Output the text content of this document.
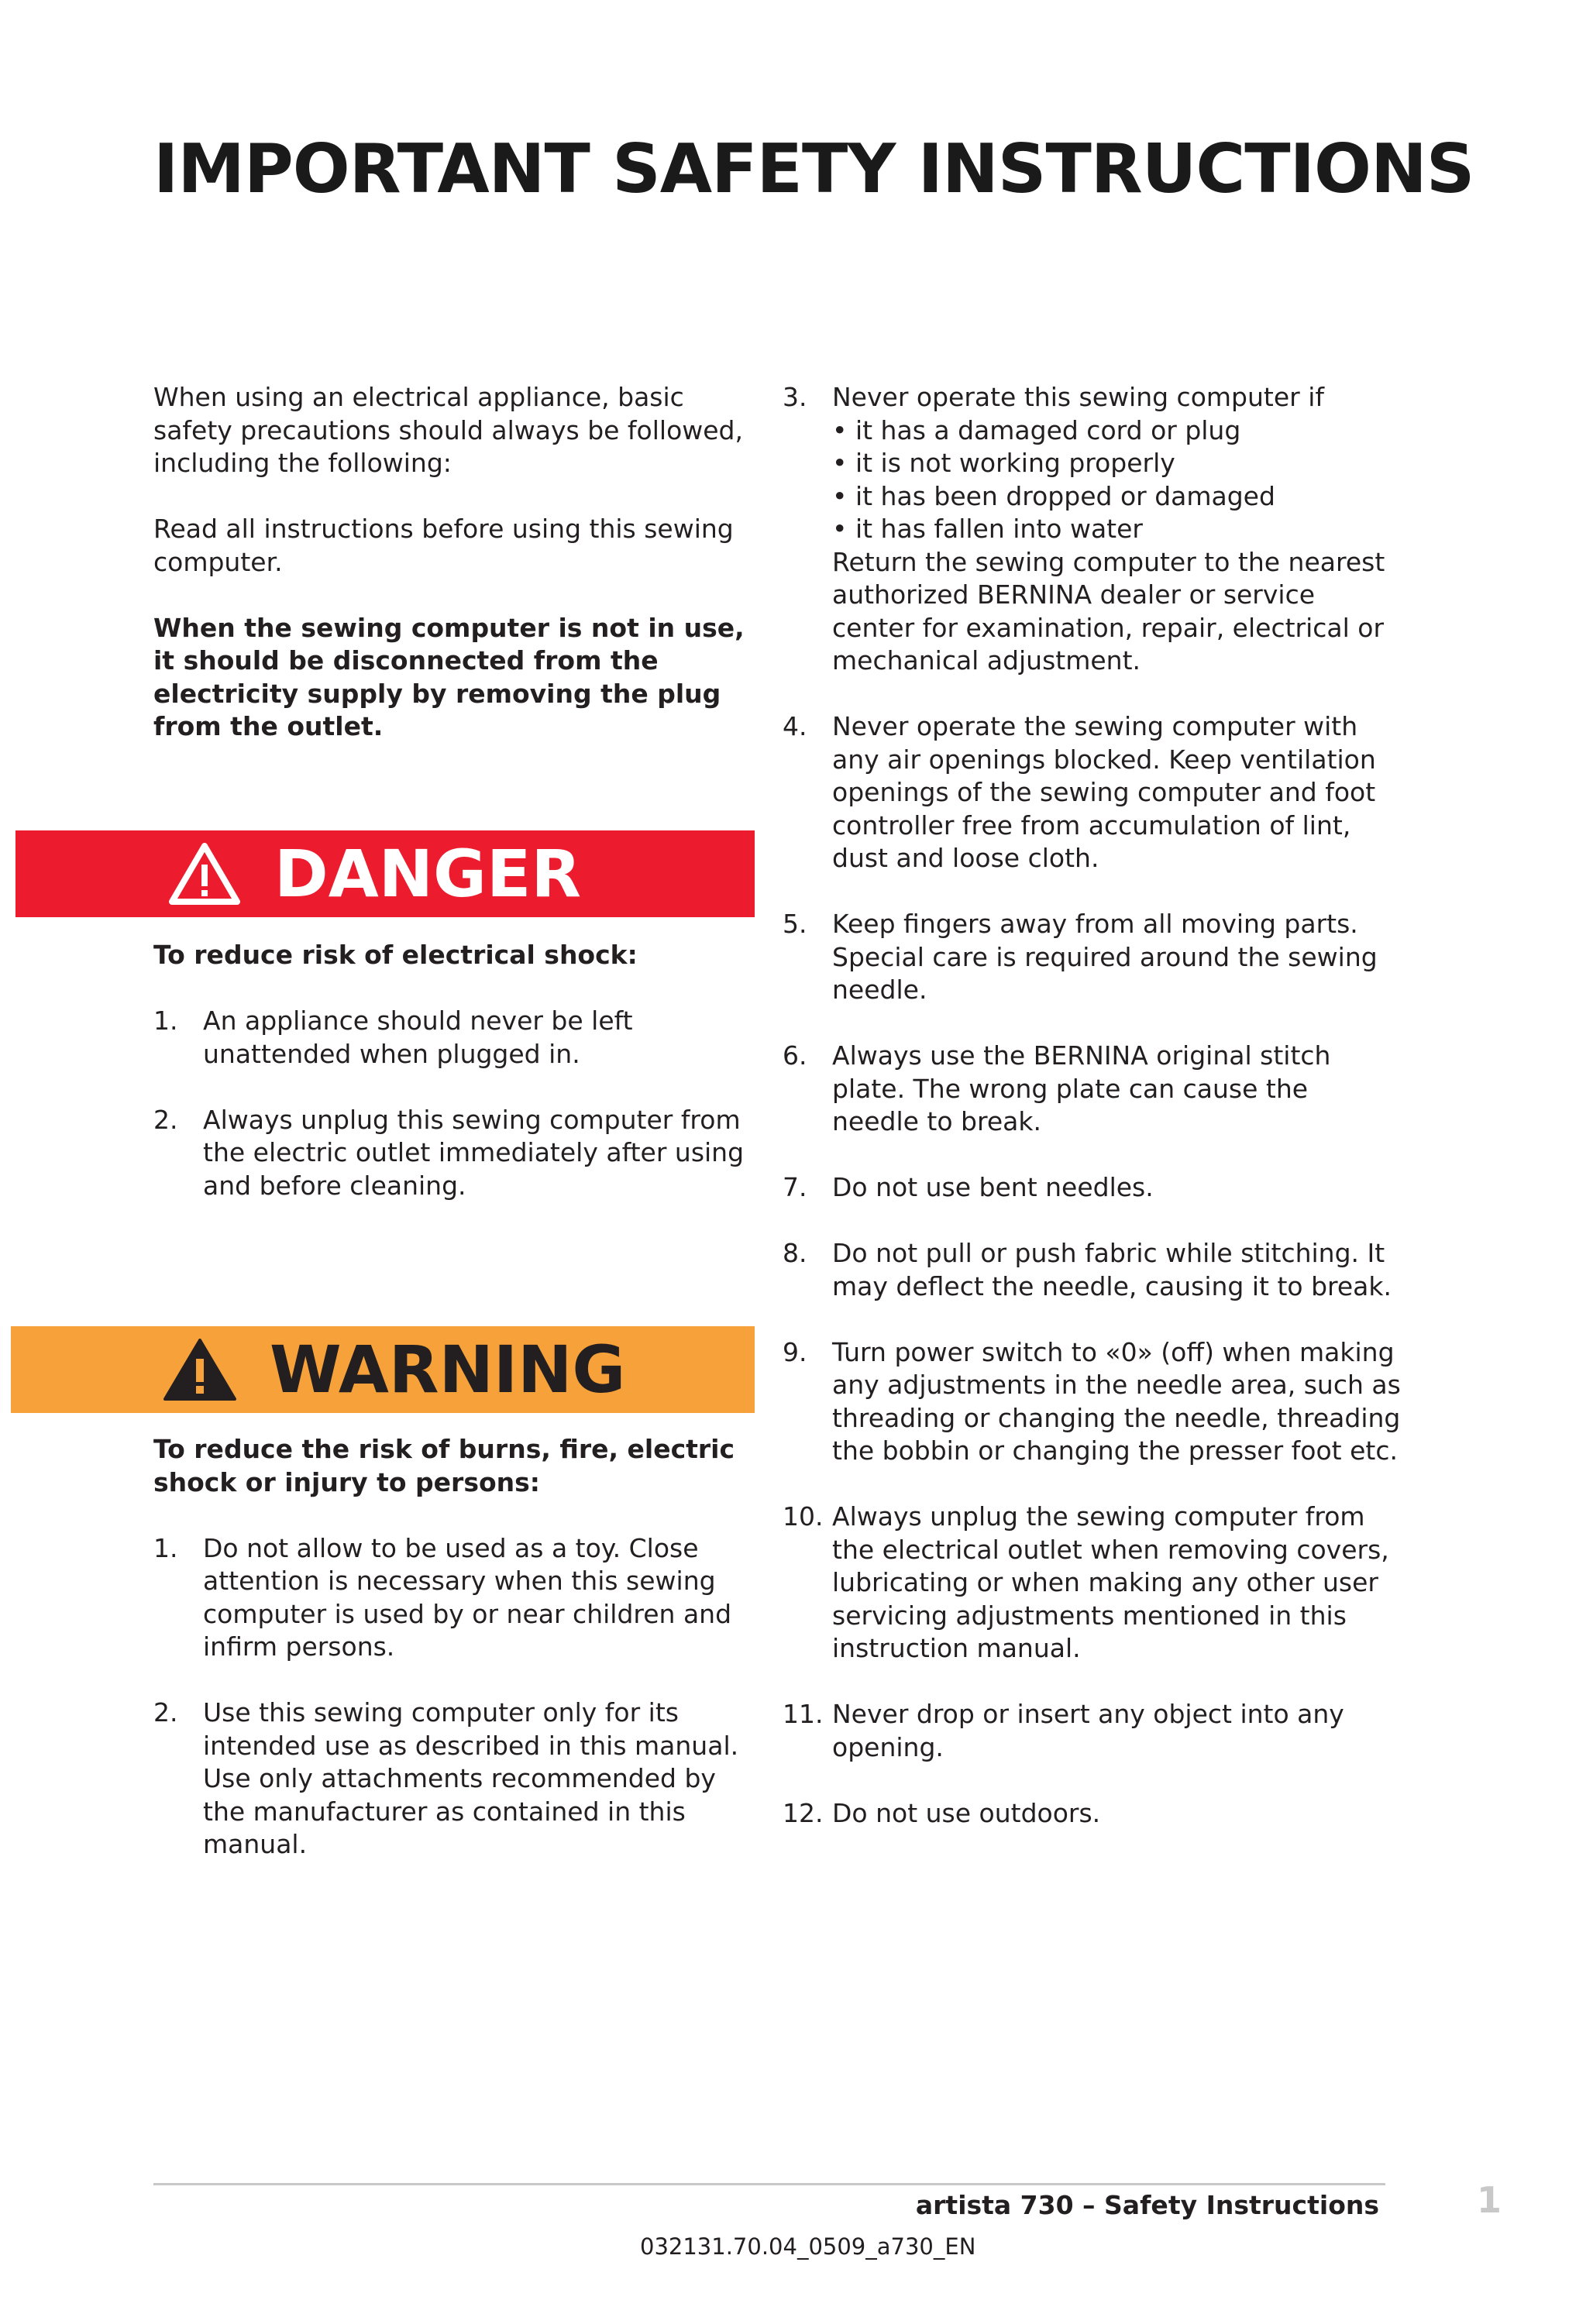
IMPORTANT SAFETY INSTRUCTIONS

When using an electrical appliance, basic safety precautions should always be followed, including the following:

Read all instructions before using this sewing computer.

When the sewing computer is not in use, it should be disconnected from the electricity supply by removing the plug from the outlet.

DANGER

To reduce risk of electrical shock:

1. An appliance should never be left unattended when plugged in.
2. Always unplug this sewing computer from the electric outlet immediately after using and before cleaning.
WARNING

To reduce the risk of burns, fire, electric shock or injury to persons:

1. Do not allow to be used as a toy. Close attention is necessary when this sewing computer is used by or near children and infirm persons.
2. Use this sewing computer only for its intended use as described in this manual. Use only attachments recommended by the manufacturer as contained in this manual.
3. Never operate this sewing computer if
• it has a damaged cord or plug
• it is not working properly
• it has been dropped or damaged
• it has fallen into water
Return the sewing computer to the nearest authorized BERNINA dealer or service center for examination, repair, electrical or mechanical adjustment.
4. Never operate the sewing computer with any air openings blocked. Keep ventilation openings of the sewing computer and foot controller free from accumulation of lint, dust and loose cloth.
5. Keep fingers away from all moving parts. Special care is required around the sewing needle.
6. Always use the BERNINA original stitch plate. The wrong plate can cause the needle to break.
7. Do not use bent needles.
8. Do not pull or push fabric while stitching. It may deflect the needle, causing it to break.
9. Turn power switch to «0» (off) when making any adjustments in the needle area, such as threading or changing the needle, threading the bobbin or changing the presser foot etc.
10. Always unplug the sewing computer from the electrical outlet when removing covers, lubricating or when making any other user servicing adjustments mentioned in this instruction manual.
11. Never drop or insert any object into any opening.
12. Do not use outdoors.
artista 730 – Safety Instructions	1
032131.70.04_0509_a730_EN
